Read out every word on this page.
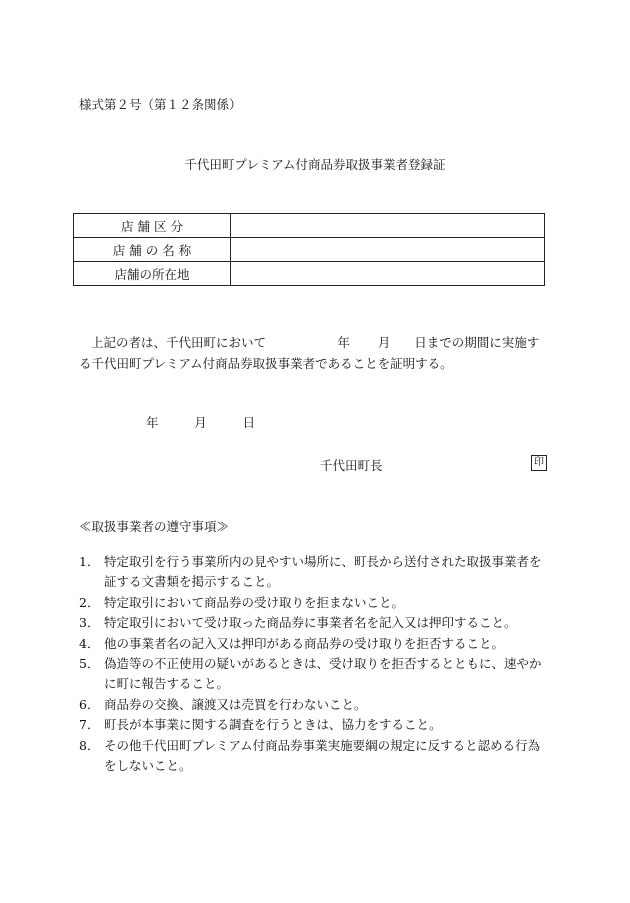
様式第２号（第１２条関係）
千代田町プレミアム付商品券取扱事業者登録証
店 舗 区 分	
店 舗 の 名 称	
店舗の所在地	
上記の者は、千代田町において	年 月 日までの期間に実施する千代田町プレミアム付商品券取扱事業者であることを証明する。
年	月	日
千代田町長	印
≪取扱事業者の遵守事項≫
1． 特定取引を行う事業所内の見やすい場所に、町長から送付された取扱事業者を証する文書類を掲示すること。
2． 特定取引において商品券の受け取りを拒まないこと。
3． 特定取引において受け取った商品券に事業者名を記入又は押印すること。
4． 他の事業者名の記入又は押印がある商品券の受け取りを拒否すること。
5． 偽造等の不正使用の疑いがあるときは、受け取りを拒否するとともに、速やかに町に報告すること。
6． 商品券の交換、譲渡又は売買を行わないこと。
7． 町長が本事業に関する調査を行うときは、協力をすること。
8． その他千代田町プレミアム付商品券事業実施要綱の規定に反すると認める行為をしないこと。
